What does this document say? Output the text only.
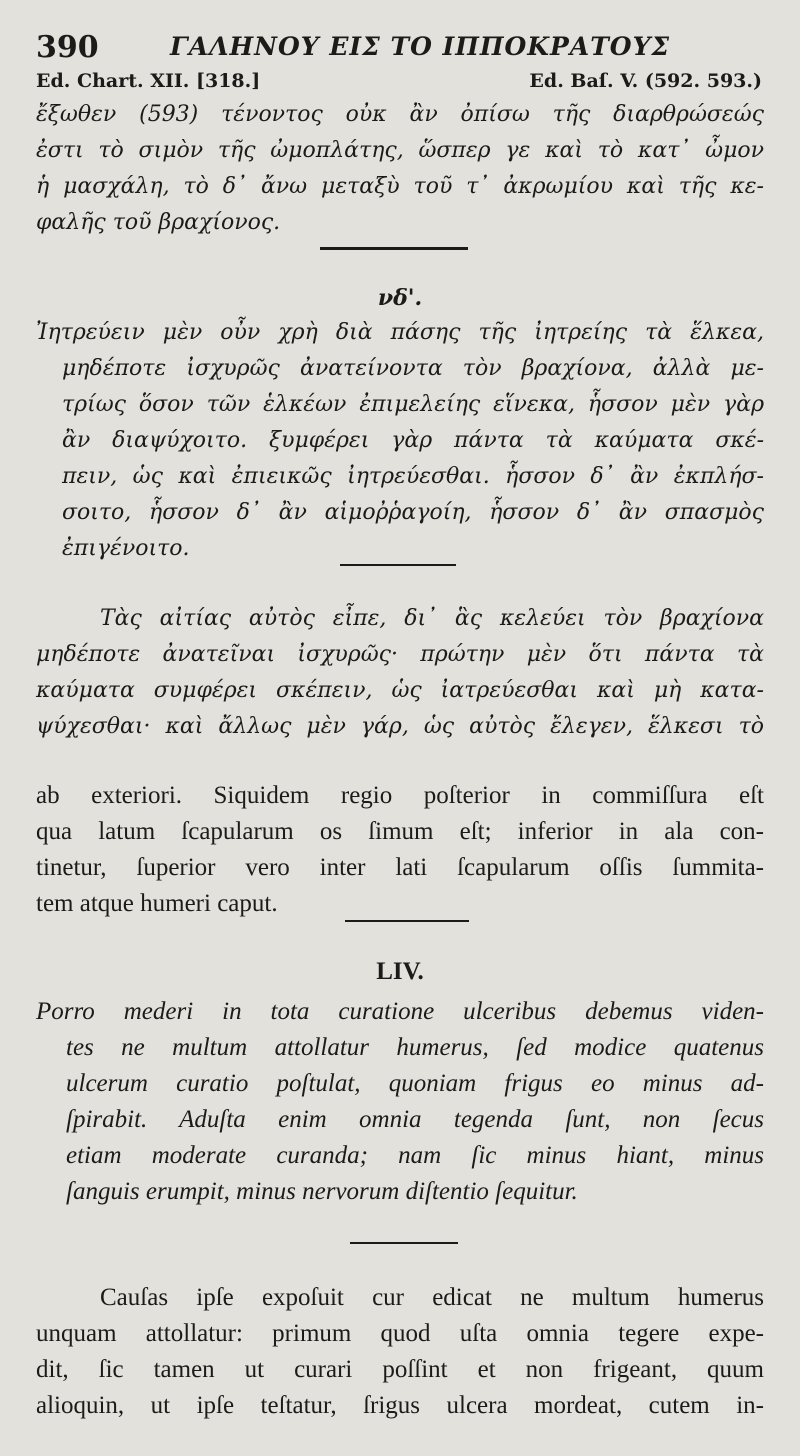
390	ΓΑΛΗΝΟΥ ΕΙΣ ΤΟ ΙΠΠΟΚΡΑΤΟΥΣ
Ed. Chart. XII. [318.]	Ed. Baſ. V. (592. 593.)
ἔξωθεν (593) τένοντος οὐκ ἂν ὀπίσω τῆς διαρθρώσεώς
ἐστι τὸ σιμὸν τῆς ὠμοπλάτης, ὥσπερ γε καὶ τὸ κατ᾽ ὦμον
ἡ μασχάλη, τὸ δ᾽ ἄνω μεταξὺ τοῦ τ᾽ ἀκρωμίου καὶ τῆς κε-
φαλῆς τοῦ βραχίονος.
νδ'.
Ἰητρεύειν μὲν οὖν χρὴ διὰ πάσης τῆς ἰητρείης τὰ ἕλκεα,
μηδέποτε ἰσχυρῶς ἀνατείνοντα τὸν βραχίονα, ἀλλὰ με-
τρίως ὅσον τῶν ἑλκέων ἐπιμελείης εἵνεκα, ἧσσον μὲν γὰρ
ἂν διαψύχοιτο. ξυμφέρει γὰρ πάντα τὰ καύματα σκέ-
πειν, ὡς καὶ ἐπιεικῶς ἰητρεύεσθαι. ἧσσον δ᾽ ἂν ἐκπλήσ-
σοιτο, ἧσσον δ᾽ ἂν αἱμοῤῥαγοίη, ἧσσον δ᾽ ἂν σπασμὸς
ἐπιγένοιτο.
Τὰς αἰτίας αὐτὸς εἶπε, δι᾽ ἃς κελεύει τὸν βραχίονα
μηδέποτε ἀνατεῖναι ἰσχυρῶς· πρώτην μὲν ὅτι πάντα τὰ
καύματα συμφέρει σκέπειν, ὡς ἰατρεύεσθαι καὶ μὴ κατα-
ψύχεσθαι· καὶ ἄλλως μὲν γάρ, ὡς αὐτὸς ἔλεγεν, ἕλκεσι τὸ
ab exteriori. Siquidem regio poſterior in commiſſura eſt
qua latum ſcapularum os ſimum eſt; inferior in ala con-
tinetur, ſuperior vero inter lati ſcapularum oſſis ſummita-
tem atque humeri caput.
LIV.
Porro mederi in tota curatione ulceribus debemus viden-
tes ne multum attollatur humerus, ſed modice quatenus
ulcerum curatio poſtulat, quoniam frigus eo minus ad-
ſpirabit. Aduſta enim omnia tegenda ſunt, non ſecus
etiam moderate curanda; nam ſic minus hiant, minus
ſanguis erumpit, minus nervorum diſtentio ſequitur.
Cauſas ipſe expoſuit cur edicat ne multum humerus
unquam attollatur: primum quod uſta omnia tegere expe-
dit, ſic tamen ut curari poſſint et non frigeant, quum
alioquin, ut ipſe teſtatur, ſrigus ulcera mordeat, cutem in-
